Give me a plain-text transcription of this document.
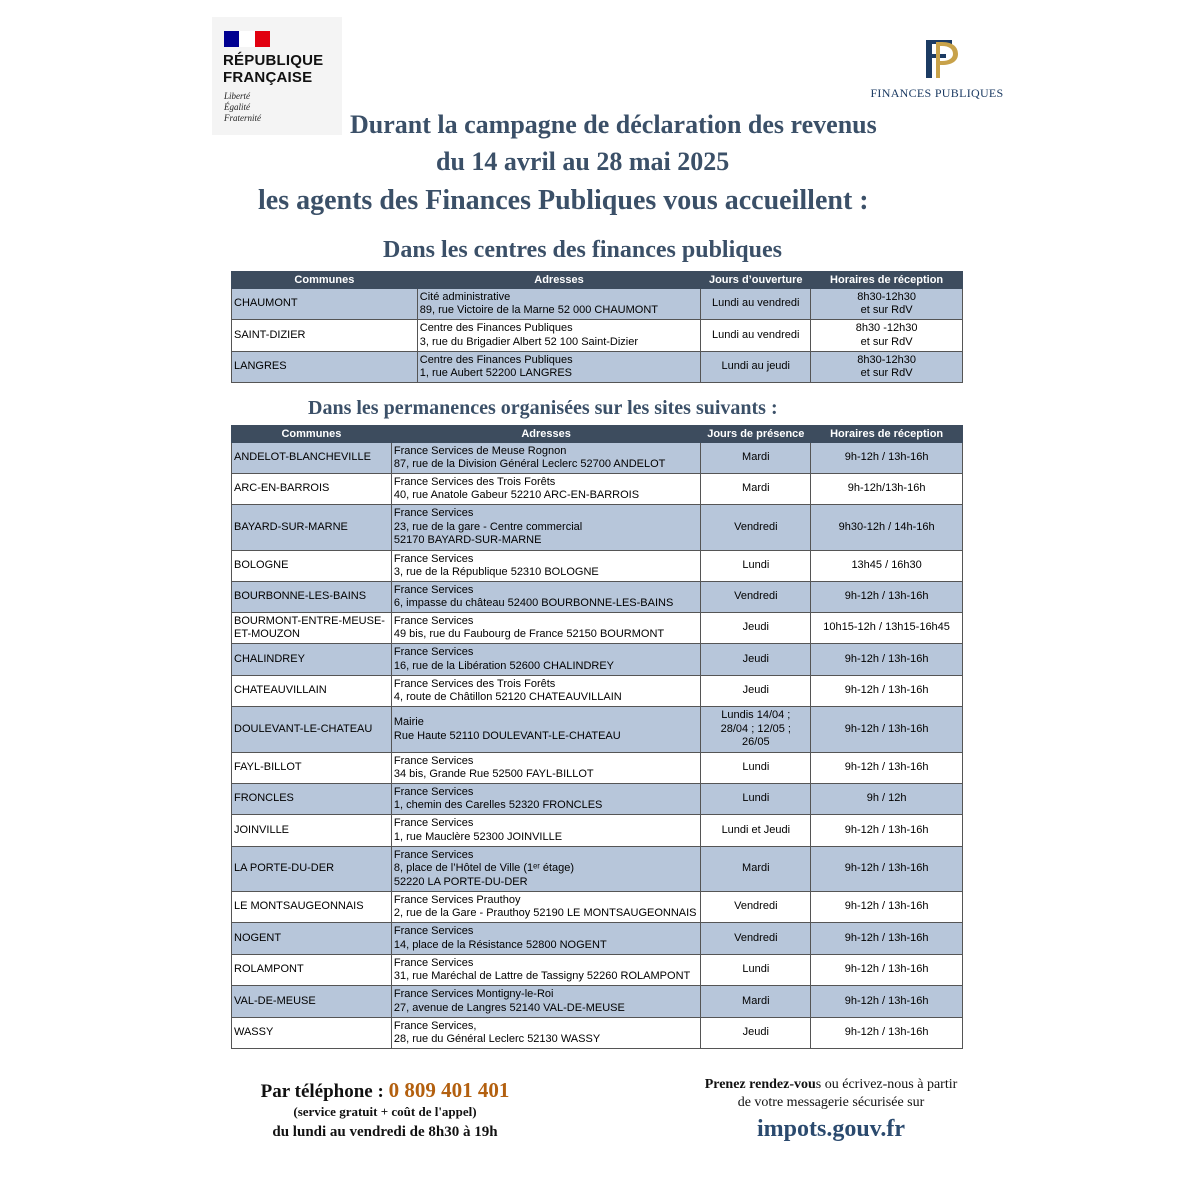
RÉPUBLIQUE
FRANÇAISE
Liberté
Égalité
Fraternité
FINANCES PUBLIQUES
Durant la campagne de déclaration des revenus
du 14 avril au 28 mai 2025
les agents des Finances Publiques vous accueillent :
Dans les centres des finances publiques
Communes	Adresses	Jours d’ouverture	Horaires de réception
CHAUMONT	Cité administrative
89, rue Victoire de la Marne 52 000 CHAUMONT	Lundi au vendredi	8h30-12h30
et sur RdV
SAINT-DIZIER	Centre des Finances Publiques
3, rue du Brigadier Albert 52 100 Saint-Dizier	Lundi au vendredi	8h30 -12h30
et sur RdV
LANGRES	Centre des Finances Publiques
1, rue Aubert 52200 LANGRES	Lundi au jeudi	8h30-12h30
et sur RdV
Dans les permanences organisées sur les sites suivants :
Communes	Adresses	Jours de présence	Horaires de réception
ANDELOT-BLANCHEVILLE	France Services de Meuse Rognon
87, rue de la Division Général Leclerc 52700 ANDELOT	Mardi	9h-12h / 13h-16h
ARC-EN-BARROIS	France Services des Trois Forêts
40, rue Anatole Gabeur 52210 ARC-EN-BARROIS	Mardi	9h-12h/13h-16h
BAYARD-SUR-MARNE	France Services
23, rue de la gare - Centre commercial
52170 BAYARD-SUR-MARNE	Vendredi	9h30-12h / 14h-16h
BOLOGNE	France Services
3, rue de la République 52310 BOLOGNE	Lundi	13h45 / 16h30
BOURBONNE-LES-BAINS	France Services
6, impasse du château 52400 BOURBONNE-LES-BAINS	Vendredi	9h-12h / 13h-16h
BOURMONT-ENTRE-MEUSE-
ET-MOUZON	France Services
49 bis, rue du Faubourg de France 52150 BOURMONT	Jeudi	10h15-12h / 13h15-16h45
CHALINDREY	France Services
16, rue de la Libération 52600 CHALINDREY	Jeudi	9h-12h / 13h-16h
CHATEAUVILLAIN	France Services des Trois Forêts
4, route de Châtillon 52120 CHATEAUVILLAIN	Jeudi	9h-12h / 13h-16h
DOULEVANT-LE-CHATEAU	Mairie
Rue Haute 52110 DOULEVANT-LE-CHATEAU	Lundis 14/04 ;
28/04 ; 12/05 ;
26/05	9h-12h / 13h-16h
FAYL-BILLOT	France Services
34 bis, Grande Rue 52500 FAYL-BILLOT	Lundi	9h-12h / 13h-16h
FRONCLES	France Services
1, chemin des Carelles 52320 FRONCLES	Lundi	9h / 12h
JOINVILLE	France Services
1, rue Mauclère 52300 JOINVILLE	Lundi et Jeudi	9h-12h / 13h-16h
LA PORTE-DU-DER	France Services
8, place de l’Hôtel de Ville (1ᵉʳ étage)
52220 LA PORTE-DU-DER	Mardi	9h-12h / 13h-16h
LE MONTSAUGEONNAIS	France Services Prauthoy
2, rue de la Gare - Prauthoy 52190 LE MONTSAUGEONNAIS	Vendredi	9h-12h / 13h-16h
NOGENT	France Services
14, place de la Résistance 52800 NOGENT	Vendredi	9h-12h / 13h-16h
ROLAMPONT	France Services
31, rue Maréchal de Lattre de Tassigny 52260 ROLAMPONT	Lundi	9h-12h / 13h-16h
VAL-DE-MEUSE	France Services Montigny-le-Roi
27, avenue de Langres 52140 VAL-DE-MEUSE	Mardi	9h-12h / 13h-16h
WASSY	France Services,
28, rue du Général Leclerc 52130 WASSY	Jeudi	9h-12h / 13h-16h
Par téléphone : 0 809 401 401
(service gratuit + coût de l'appel)
du lundi au vendredi de 8h30 à 19h
Prenez rendez-vous ou écrivez-nous à partir de votre messagerie sécurisée sur
impots.gouv.fr
